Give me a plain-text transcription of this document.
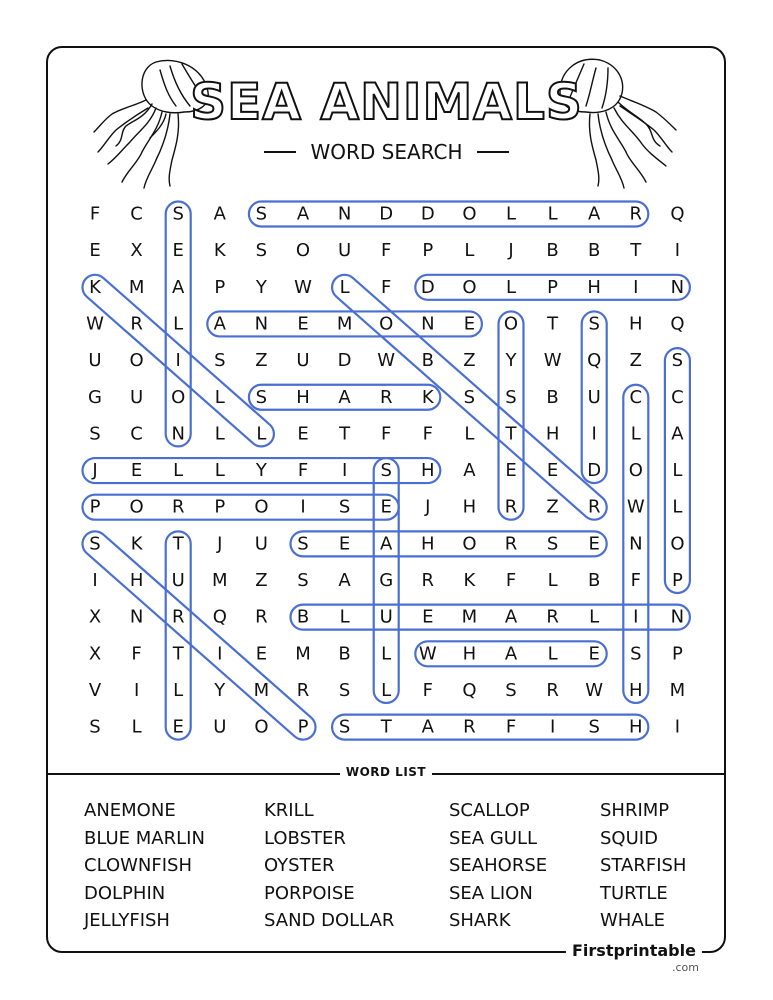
SEA ANIMALS
WORD SEARCH
F C S A S A N D D O L L A R Q
E X E K S O U F P L J B B T I
K M A P Y W L F D O L P H I N
W R L A N E M O N E O T S H Q
U O I S Z U D W B Z Y W Q Z S
G U O L S H A R K S S B U C C
S C N L L E T F F L T H I L A
J E L L Y F I S H A E E D O L
P O R P O I S E J H R Z R W L
S K T J U S E A H O R S E N O
I H U M Z S A G R K F L B F P
X N R Q R B L U E M A R L I N
X F T I E M B L W H A L E S P
V I L Y M R S L F Q S R W H M
S L E U O P S T A R F I S H I
WORD LIST
ANEMONE
BLUE MARLIN
CLOWNFISH
DOLPHIN
JELLYFISH
KRILL
LOBSTER
OYSTER
PORPOISE
SAND DOLLAR
SCALLOP
SEA GULL
SEAHORSE
SEA LION
SHARK
SHRIMP
SQUID
STARFISH
TURTLE
WHALE
Firstprintable
.com
